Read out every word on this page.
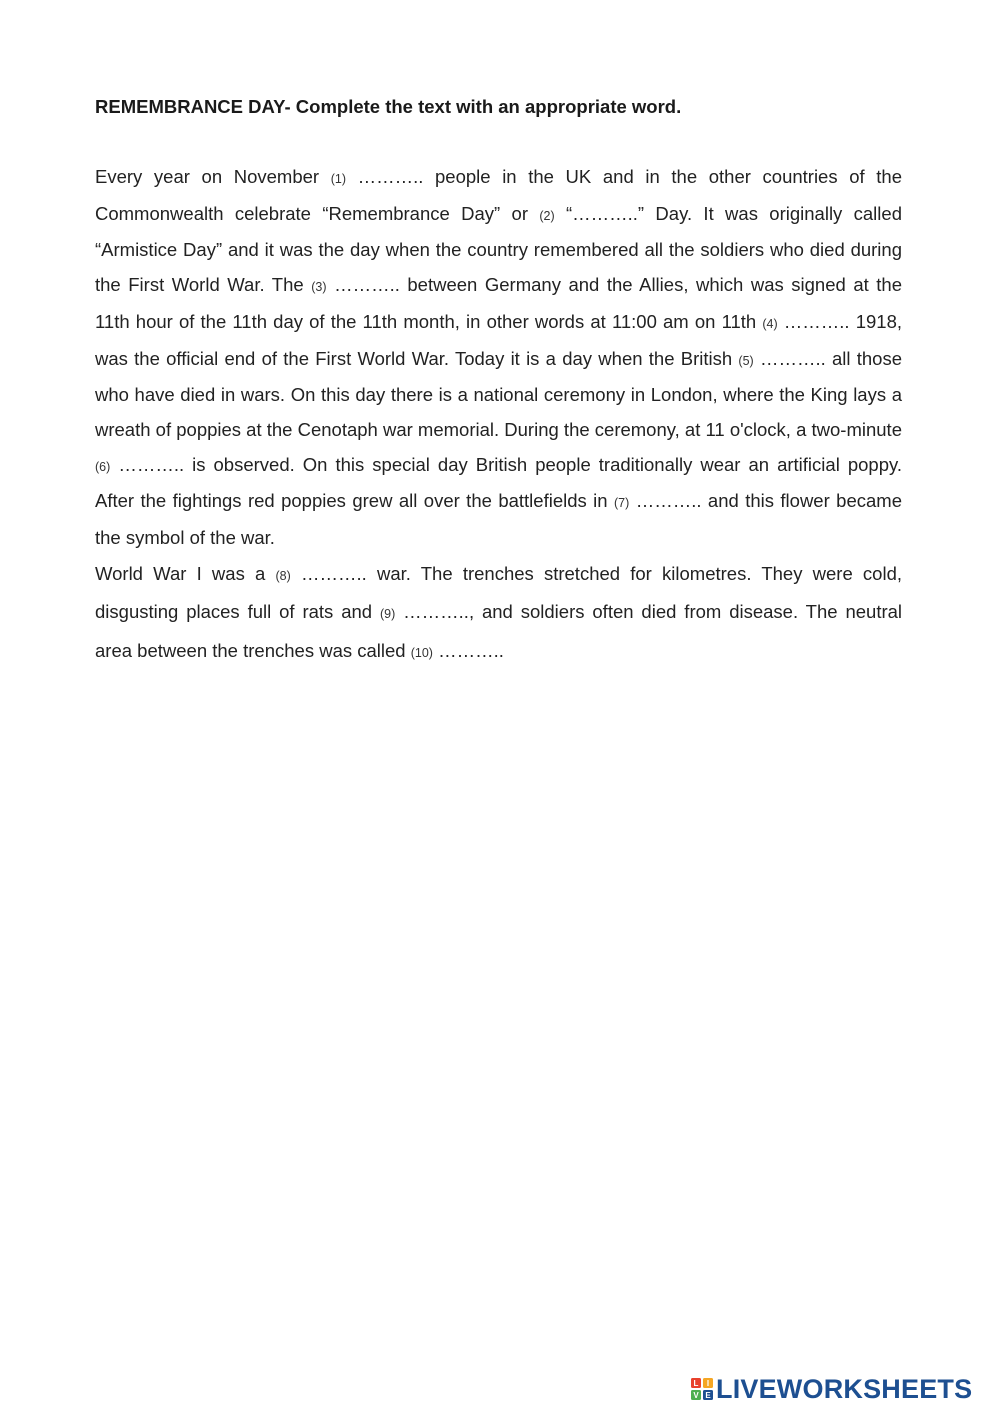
REMEMBRANCE DAY- Complete the text with an appropriate word.

Every year on November (1) ……….. people in the UK and in the other countries of the Commonwealth celebrate “Remembrance Day” or (2) “………..” Day. It was originally called “Armistice Day” and it was the day when the country remembered all the soldiers who died during the First World War. The (3) ……….. between Germany and the Allies, which was signed at the 11th hour of the 11th day of the 11th month, in other words at 11:00 am on 11th (4) ……….. 1918, was the official end of the First World War. Today it is a day when the British (5) ……….. all those who have died in wars. On this day there is a national ceremony in London, where the King lays a wreath of poppies at the Cenotaph war memorial. During the ceremony, at 11 o'clock, a two-minute (6) ……….. is observed. On this special day British people traditionally wear an artificial poppy. After the fightings red poppies grew all over the battlefields in (7) ……….. and this flower became the symbol of the war.

World War I was a (8) ……….. war. The trenches stretched for kilometres. They were cold, disgusting places full of rats and (9) ……….., and soldiers often died from disease. The neutral area between the trenches was called (10) ………..

L I
V E LIVEWORKSHEETS
